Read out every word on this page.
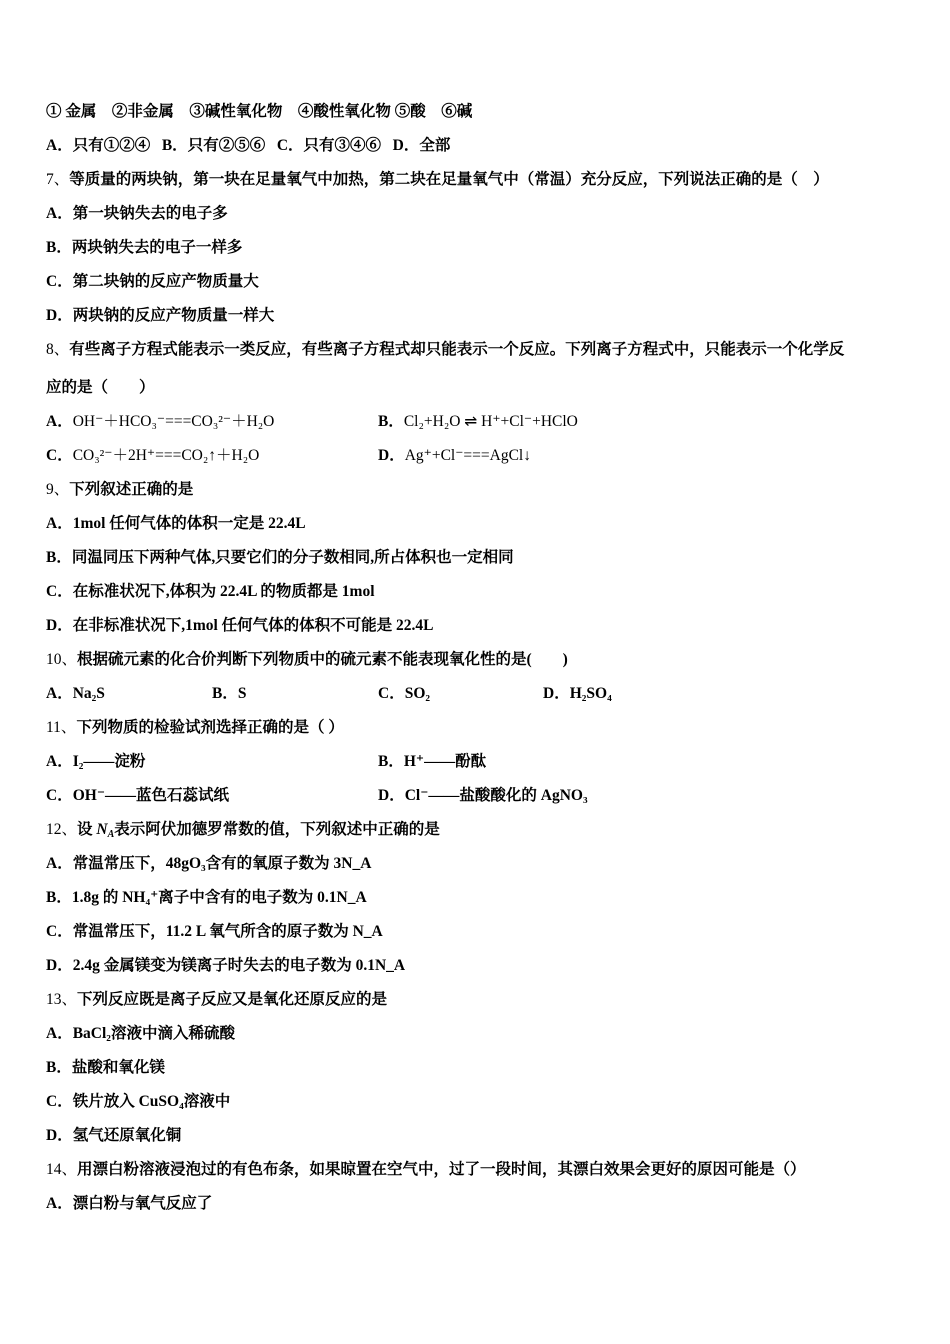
① 金属　②非金属　③碱性氧化物　④酸性氧化物 ⑤酸　⑥碱
A．只有①②④ B．只有②⑤⑥ C．只有③④⑥ D．全部
7、等质量的两块钠，第一块在足量氧气中加热，第二块在足量氧气中（常温）充分反应，下列说法正确的是（　）
A．第一块钠失去的电子多
B．两块钠失去的电子一样多
C．第二块钠的反应产物质量大
D．两块钠的反应产物质量一样大
8、有些离子方程式能表示一类反应，有些离子方程式却只能表示一个反应。下列离子方程式中，只能表示一个化学反
应的是（　　）
A．OH⁻＋HCO₃⁻===CO₃²⁻＋H₂O	B．Cl₂+H₂O ⇌ H⁺+Cl⁻+HClO
C．CO₃²⁻＋2H⁺===CO₂↑＋H₂O	D．Ag⁺+Cl⁻===AgCl↓
9、下列叙述正确的是
A．1mol 任何气体的体积一定是 22.4L
B．同温同压下两种气体,只要它们的分子数相同,所占体积也一定相同
C．在标准状况下,体积为 22.4L 的物质都是 1mol
D．在非标准状况下,1mol 任何气体的体积不可能是 22.4L
10、根据硫元素的化合价判断下列物质中的硫元素不能表现氧化性的是(　　)
A．Na₂S	B．S	C．SO₂	D．H₂SO₄
11、下列物质的检验试剂选择正确的是（ ）
A．I₂——淀粉	B．H⁺——酚酞
C．OH⁻——蓝色石蕊试纸	D．Cl⁻——盐酸酸化的 AgNO₃
12、设 $N_A$表示阿伏加德罗常数的值，下列叙述中正确的是
A．常温常压下，48gO₃含有的氧原子数为 3N_A
B．1.8g 的 NH₄⁺离子中含有的电子数为 0.1N_A
C．常温常压下，11.2 L 氧气所含的原子数为 N_A
D．2.4g 金属镁变为镁离子时失去的电子数为 0.1N_A
13、下列反应既是离子反应又是氧化还原反应的是
A．BaCl₂溶液中滴入稀硫酸
B．盐酸和氧化镁
C．铁片放入 CuSO₄溶液中
D．氢气还原氧化铜
14、用漂白粉溶液浸泡过的有色布条，如果晾置在空气中，过了一段时间，其漂白效果会更好的原因可能是（）
A．漂白粉与氧气反应了
